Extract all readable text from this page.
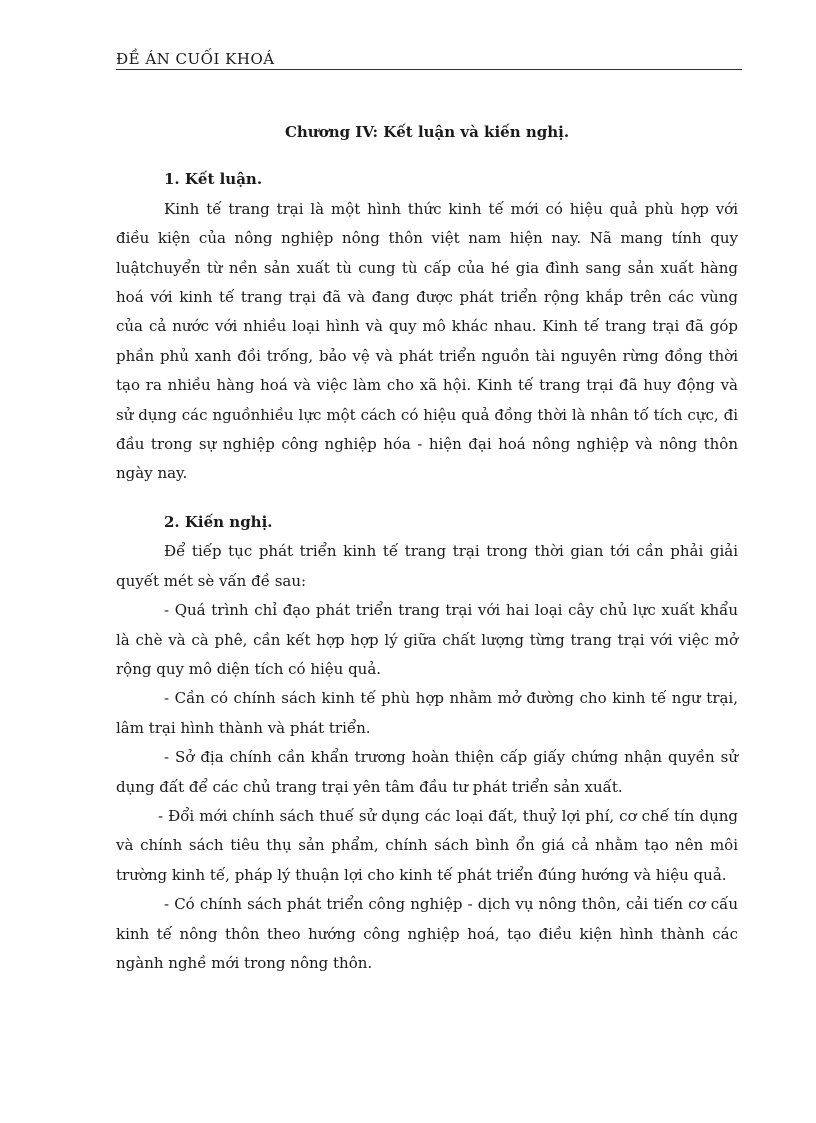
ĐỀ ÁN CUỐI KHOÁ
Chương IV: Kết luận và kiến nghị.
1. Kết luận.

Kinh tế trang trại là một hình thức kinh tế mới có hiệu quả phù hợp với điều kiện của nông nghiệp nông thôn việt nam hiện nay. Nã mang tính quy luậtchuyển từ nền sản xuất tù cung tù cấp của hé gia đình sang sản xuất hàng hoá với kinh tế trang trại đã và đang được phát triển rộng khắp trên các vùng của cả nước với nhiều loại hình và quy mô khác nhau. Kinh tế trang trại đã góp phần phủ xanh đồi trống, bảo vệ và phát triển nguồn tài nguyên rừng đồng thời tạo ra nhiều hàng hoá và việc làm cho xã hội. Kinh tế trang trại đã huy động và sử dụng các nguồnhiều lực một cách có hiệu quả đồng thời là nhân tố tích cực, đi đầu trong sự nghiệp công nghiệp hóa - hiện đại hoá nông nghiệp và nông thôn ngày nay.

2. Kiến nghị.

Để tiếp tục phát triển kinh tế trang trại trong thời gian tới cần phải giải quyết mét sè vấn đề sau:

- Quá trình chỉ đạo phát triển trang trại với hai loại cây chủ lực xuất khẩu là chè và cà phê, cần kết hợp hợp lý giữa chất lượng từng trang trại với việc mở rộng quy mô diện tích có hiệu quả.

- Cần có chính sách kinh tế phù hợp nhằm mở đường cho kinh tế ngư trại, lâm trại hình thành và phát triển.

- Sở địa chính cần khẩn trương hoàn thiện cấp giấy chứng nhận quyền sử dụng đất để các chủ trang trại yên tâm đầu tư phát triển sản xuất.

- Đổi mới chính sách thuế sử dụng các loại đất, thuỷ lợi phí, cơ chế tín dụng và chính sách tiêu thụ sản phẩm, chính sách bình ổn giá cả nhằm tạo nên môi trường kinh tế, pháp lý thuận lợi cho kinh tế phát triển đúng hướng và hiệu quả.

- Có chính sách phát triển công nghiệp - dịch vụ nông thôn, cải tiến cơ cấu kinh tế nông thôn theo hướng công nghiệp hoá, tạo điều kiện hình thành các ngành nghề mới trong nông thôn.
